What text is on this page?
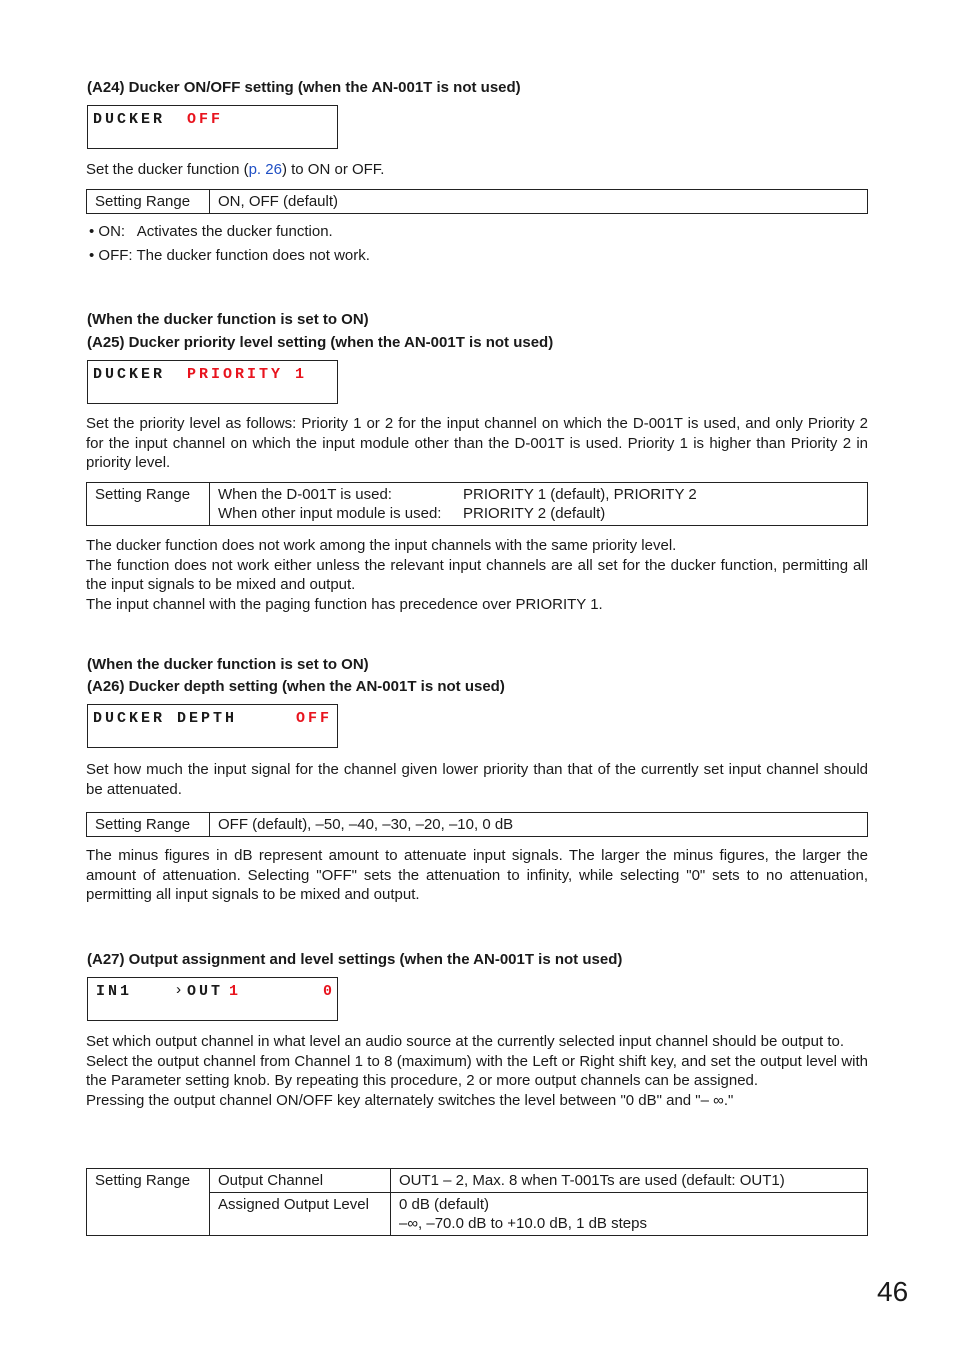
(A24) Ducker ON/OFF setting (when the AN-001T is not used)
DUCKER OFF
Set the ducker function (p. 26) to ON or OFF.
Setting Range	ON, OFF (default)
• ON:   Activates the ducker function.
• OFF: The ducker function does not work.
(When the ducker function is set to ON)
(A25) Ducker priority level setting (when the AN-001T is not used)
DUCKER PRIORITY 1
Set the priority level as follows: Priority 1 or 2 for the input channel on which the D-001T is used, and only Priority 2 for the input channel on which the input module other than the D-001T is used. Priority 1 is higher than Priority 2 in priority level.
Setting Range	When the D-001T is used:	PRIORITY 1 (default), PRIORITY 2
When other input module is used:	PRIORITY 2 (default)

The ducker function does not work among the input channels with the same priority level.

The function does not work either unless the relevant input channels are all set for the ducker function, permitting all the input signals to be mixed and output.

The input channel with the paging function has precedence over PRIORITY 1.

(When the ducker function is set to ON)
(A26) Ducker depth setting (when the AN-001T is not used)
DUCKER DEPTH	OFF
Set how much the input signal for the channel given lower priority than that of the currently set input channel should be attenuated.
Setting Range	OFF (default), –50, –40, –30, –20, –10, 0 dB
The minus figures in dB represent amount to attenuate input signals. The larger the minus figures, the larger the amount of attenuation. Selecting "OFF" sets the attenuation to infinity, while selecting "0" sets to no attenuation, permitting all input signals to be mixed and output.
(A27) Output assignment and level settings (when the AN-001T is not used)
IN1	› OUT 1	0

Set which output channel in what level an audio source at the currently selected input channel should be output to.

Select the output channel from Channel 1 to 8 (maximum) with the Left or Right shift key, and set the output level with the Parameter setting knob. By repeating this procedure, 2 or more output channels can be assigned.

Pressing the output channel ON/OFF key alternately switches the level between "0 dB" and "– ∞."

Setting Range	Output Channel	OUT1 – 2, Max. 8 when T-001Ts are used (default: OUT1)
	Assigned Output Level	0 dB (default)
–∞, –70.0 dB to +10.0 dB, 1 dB steps
46
